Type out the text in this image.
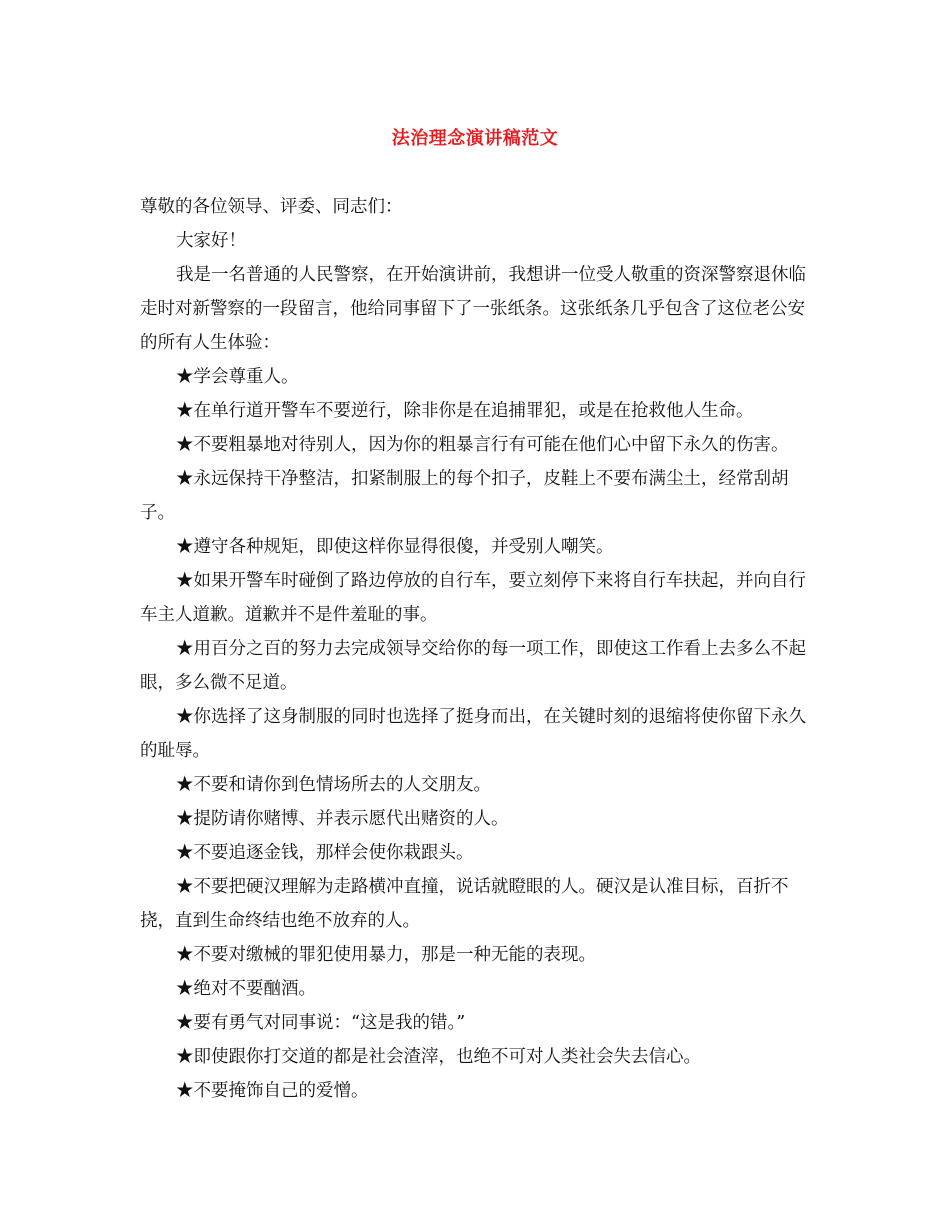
法治理念演讲稿范文

尊敬的各位领导、评委、同志们：

大家好！

我是一名普通的人民警察，在开始演讲前，我想讲一位受人敬重的资深警察退休临走时对新警察的一段留言，他给同事留下了一张纸条。这张纸条几乎包含了这位老公安的所有人生体验：

★学会尊重人。

★在单行道开警车不要逆行，除非你是在追捕罪犯，或是在抢救他人生命。

★不要粗暴地对待别人，因为你的粗暴言行有可能在他们心中留下永久的伤害。

★永远保持干净整洁，扣紧制服上的每个扣子，皮鞋上不要布满尘土，经常刮胡子。

★遵守各种规矩，即使这样你显得很傻，并受别人嘲笑。

★如果开警车时碰倒了路边停放的自行车，要立刻停下来将自行车扶起，并向自行车主人道歉。道歉并不是件羞耻的事。

★用百分之百的努力去完成领导交给你的每一项工作，即使这工作看上去多么不起眼，多么微不足道。

★你选择了这身制服的同时也选择了挺身而出，在关键时刻的退缩将使你留下永久的耻辱。

★不要和请你到色情场所去的人交朋友。

★提防请你赌博、并表示愿代出赌资的人。

★不要追逐金钱，那样会使你栽跟头。

★不要把硬汉理解为走路横冲直撞，说话就瞪眼的人。硬汉是认准目标，百折不挠，直到生命终结也绝不放弃的人。

★不要对缴械的罪犯使用暴力，那是一种无能的表现。

★绝对不要酗酒。

★要有勇气对同事说：“这是我的错。”

★即使跟你打交道的都是社会渣滓，也绝不可对人类社会失去信心。

★不要掩饰自己的爱憎。
